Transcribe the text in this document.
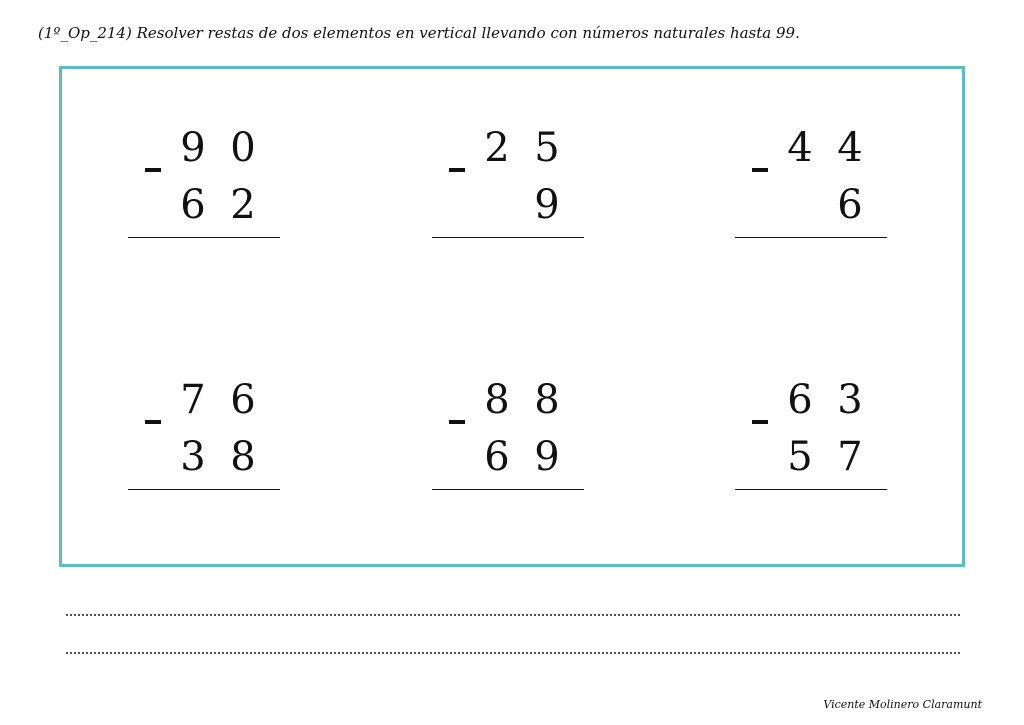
(1º_Op_214) Resolver restas de dos elementos en vertical llevando con números naturales hasta 99.
9 0
6 2
2 5
9
4 4
6
7 6
3 8
8 8
6 9
6 3
5 7
Vicente Molinero Claramunt
